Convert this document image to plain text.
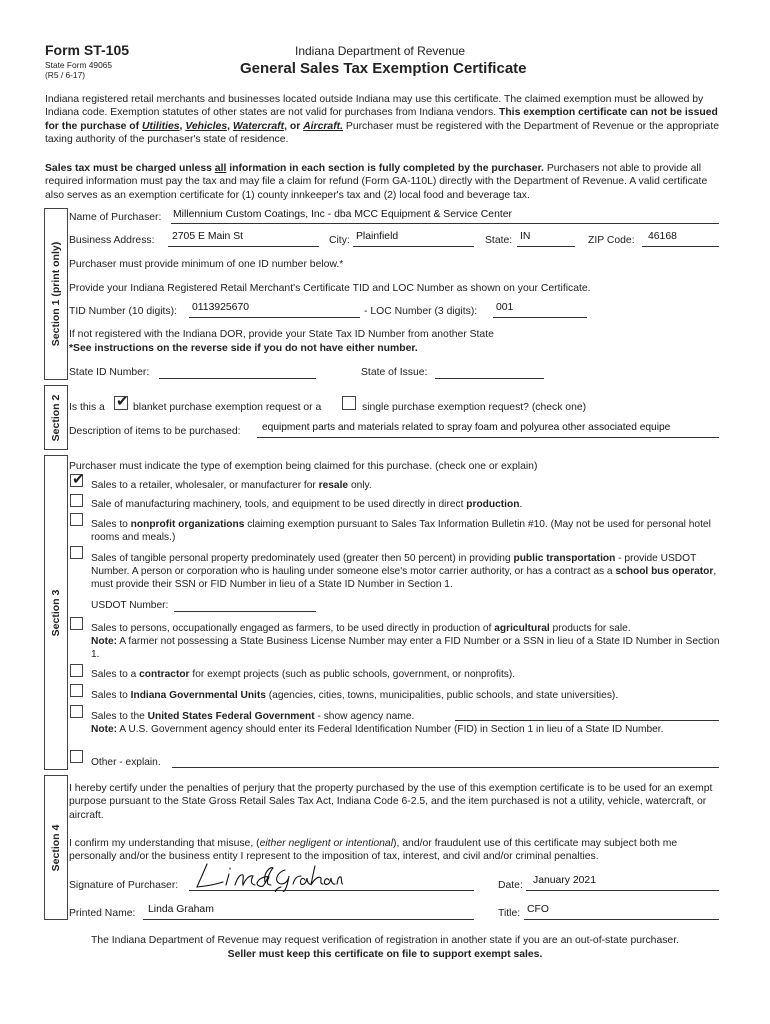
Form ST-105
State Form 49065
(R5 / 6-17)
Indiana Department of Revenue
General Sales Tax Exemption Certificate
Indiana registered retail merchants and businesses located outside Indiana may use this certificate. The claimed exemption must be allowed by Indiana code. Exemption statutes of other states are not valid for purchases from Indiana vendors. This exemption certificate can not be issued for the purchase of Utilities, Vehicles, Watercraft, or Aircraft. Purchaser must be registered with the Department of Revenue or the appropriate taxing authority of the purchaser's state of residence.
Sales tax must be charged unless all information in each section is fully completed by the purchaser. Purchasers not able to provide all required information must pay the tax and may file a claim for refund (Form GA-110L) directly with the Department of Revenue. A valid certificate also serves as an exemption certificate for (1) county innkeeper's tax and (2) local food and beverage tax.
Section 1 (print only)
Section 2
Section 3
Section 4
Name of Purchaser: Millennium Custom Coatings, Inc - dba MCC Equipment & Service Center
Business Address: 2705 E Main St	City: Plainfield	State: IN	ZIP Code: 46168
Purchaser must provide minimum of one ID number below.*
Provide your Indiana Registered Retail Merchant's Certificate TID and LOC Number as shown on your Certificate.
TID Number (10 digits): 0113925670	- LOC Number (3 digits): 001
If not registered with the Indiana DOR, provide your State Tax ID Number from another State
*See instructions on the reverse side if you do not have either number.
State ID Number:	State of Issue:
Is this a
✔	blanket purchase exemption request or a	single purchase exemption request? (check one)
Description of items to be purchased: equipment parts and materials related to spray foam and polyurea other associated equipe
Purchaser must indicate the type of exemption being claimed for this purchase. (check one or explain)
✔
Sales to a retailer, wholesaler, or manufacturer for resale only.
Sale of manufacturing machinery, tools, and equipment to be used directly in direct production.
Sales to nonprofit organizations claiming exemption pursuant to Sales Tax Information Bulletin #10. (May not be used for personal hotel rooms and meals.)
Sales of tangible personal property predominately used (greater then 50 percent) in providing public transportation - provide USDOT Number. A person or corporation who is hauling under someone else's motor carrier authority, or has a contract as a school bus operator, must provide their SSN or FID Number in lieu of a State ID Number in Section 1.
USDOT Number:
Sales to persons, occupationally engaged as farmers, to be used directly in production of agricultural products for sale.
Note: A farmer not possessing a State Business License Number may enter a FID Number or a SSN in lieu of a State ID Number in Section 1.
Sales to a contractor for exempt projects (such as public schools, government, or nonprofits).
Sales to Indiana Governmental Units (agencies, cities, towns, municipalities, public schools, and state universities).
Sales to the United States Federal Government - show agency name.
Note: A U.S. Government agency should enter its Federal Identification Number (FID) in Section 1 in lieu of a State ID Number.
Other - explain.
I hereby certify under the penalties of perjury that the property purchased by the use of this exemption certificate is to be used for an exempt purpose pursuant to the State Gross Retail Sales Tax Act, Indiana Code 6-2.5, and the item purchased is not a utility, vehicle, watercraft, or aircraft.
I confirm my understanding that misuse, (either negligent or intentional), and/or fraudulent use of this certificate may subject both me personally and/or the business entity I represent to the imposition of tax, interest, and civil and/or criminal penalties.
Signature of Purchaser:	Date: January 2021
Printed Name: Linda Graham	Title: CFO
The Indiana Department of Revenue may request verification of registration in another state if you are an out-of-state purchaser.
Seller must keep this certificate on file to support exempt sales.
